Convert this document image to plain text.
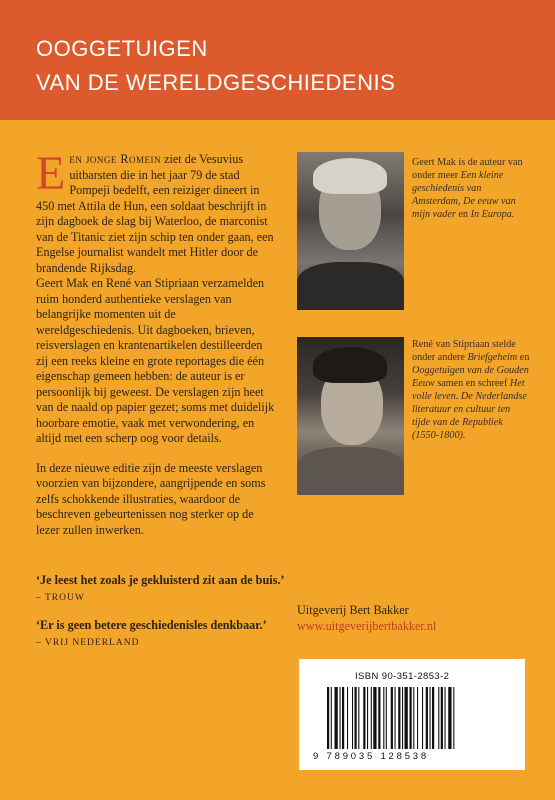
OOGGETUIGEN
VAN DE WERELDGESCHIEDENIS

Een jonge Romein ziet de Vesuvius uitbarsten die in het jaar 79 de stad Pompeji bedelft, een reiziger dineert in 450 met Attila de Hun, een soldaat beschrijft in zijn dagboek de slag bij Waterloo, de marconist van de Titanic ziet zijn schip ten onder gaan, een Engelse journalist wandelt met Hitler door de brandende Rijksdag.

Geert Mak en René van Stipriaan verzamelden ruim honderd authentieke verslagen van belangrijke momenten uit de wereldgeschiedenis. Uit dagboeken, brieven, reisverslagen en krantenartikelen destilleerden zij een reeks kleine en grote reportages die één eigenschap gemeen hebben: de auteur is er persoonlijk bij geweest. De verslagen zijn heet van de naald op papier gezet; soms met duidelijk hoorbare emotie, vaak met verwondering, en altijd met een scherp oog voor details.

In deze nieuwe editie zijn de meeste verslagen voorzien van bijzondere, aangrijpende en soms zelfs schokkende illustraties, waardoor de beschreven gebeurtenissen nog sterker op de lezer zullen inwerken.

‘Je leest het zoals je gekluisterd zit aan de buis.’ – TROUW
‘Er is geen betere geschiedenisles denkbaar.’
– VRIJ NEDERLAND
Geert Mak is de auteur van onder meer Een kleine geschiedenis van Amsterdam, De eeuw van mijn vader en In Europa.
René van Stipriaan stelde onder andere Briefgeheim en Ooggetuigen van de Gouden Eeuw samen en schreef Het volle leven. De Nederlandse literatuur en cultuur ten tijde van de Republiek (1550-1800).
Uitgeverij Bert Bakker
www.uitgeverijbertbakker.nl
ISBN 90-351-2853-2
9 789035 128538
